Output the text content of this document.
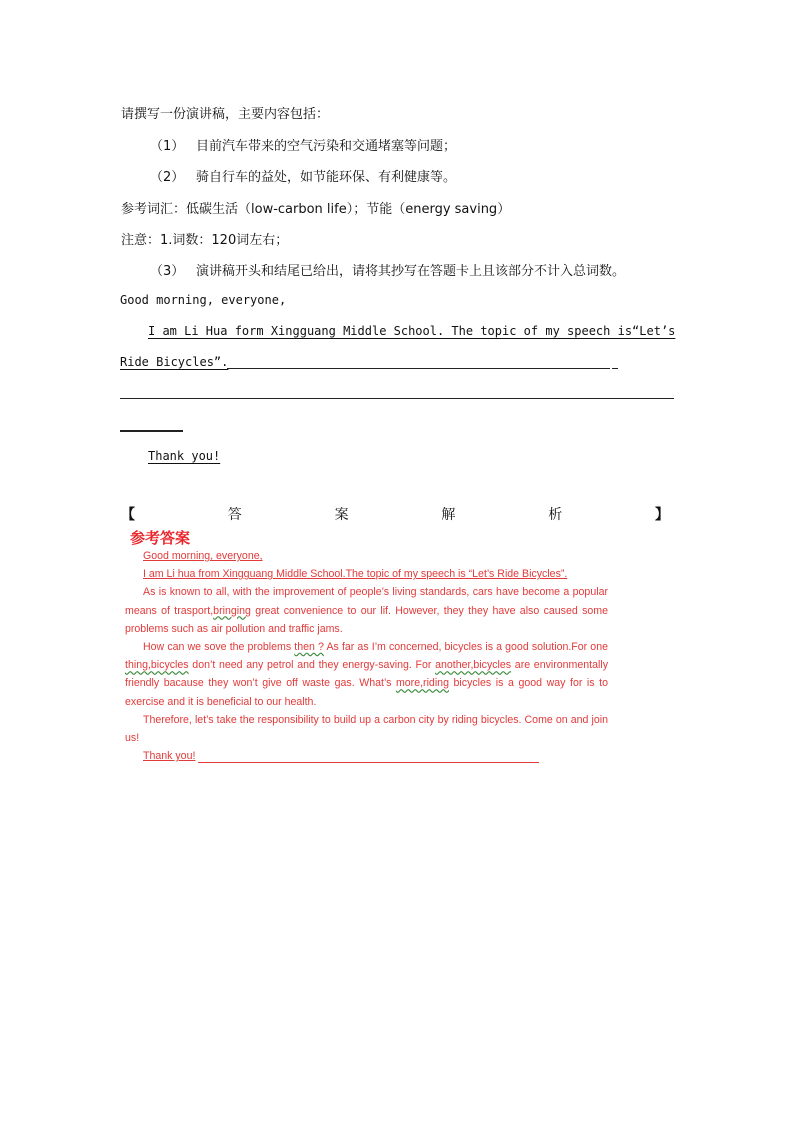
请撰写一份演讲稿，主要内容包括：
（1） 目前汽车带来的空气污染和交通堵塞等问题；
（2） 骑自行车的益处，如节能环保、有利健康等。
参考词汇：低碳生活（low-carbon life）；节能（energy saving）
注意：1.词数：120词左右；
（3） 演讲稿开头和结尾已给出，请将其抄写在答题卡上且该部分不计入总词数。
Good morning, everyone,
I am Li Hua form Xingguang Middle School. The topic of my speech is“Let’s
Ride Bicycles”.
Thank you!
【	答	案	解	析	】
参考答案

Good morning, everyone,

I am Li hua from Xingguang Middle School.The topic of my speech is “Let’s Ride Bicycles”.

As is known to all, with the improvement of people’s living standards, cars have become a popular means of trasport,bringing great convenience to our lif. However, they they have also caused some problems such as air pollution and traffic jams.

How can we sove the problems then ? As far as I’m concerned, bicycles is a good solution.For one thing,bicycles don’t need any petrol and they energy-saving. For another,bicycles are environmentally friendly bacause they won’t give off waste gas. What’s more,riding bicycles is a good way for is to exercise and it is beneficial to our health.

Therefore, let’s take the responsibility to build up a carbon city by riding bicycles. Come on and join us!

Thank you!
